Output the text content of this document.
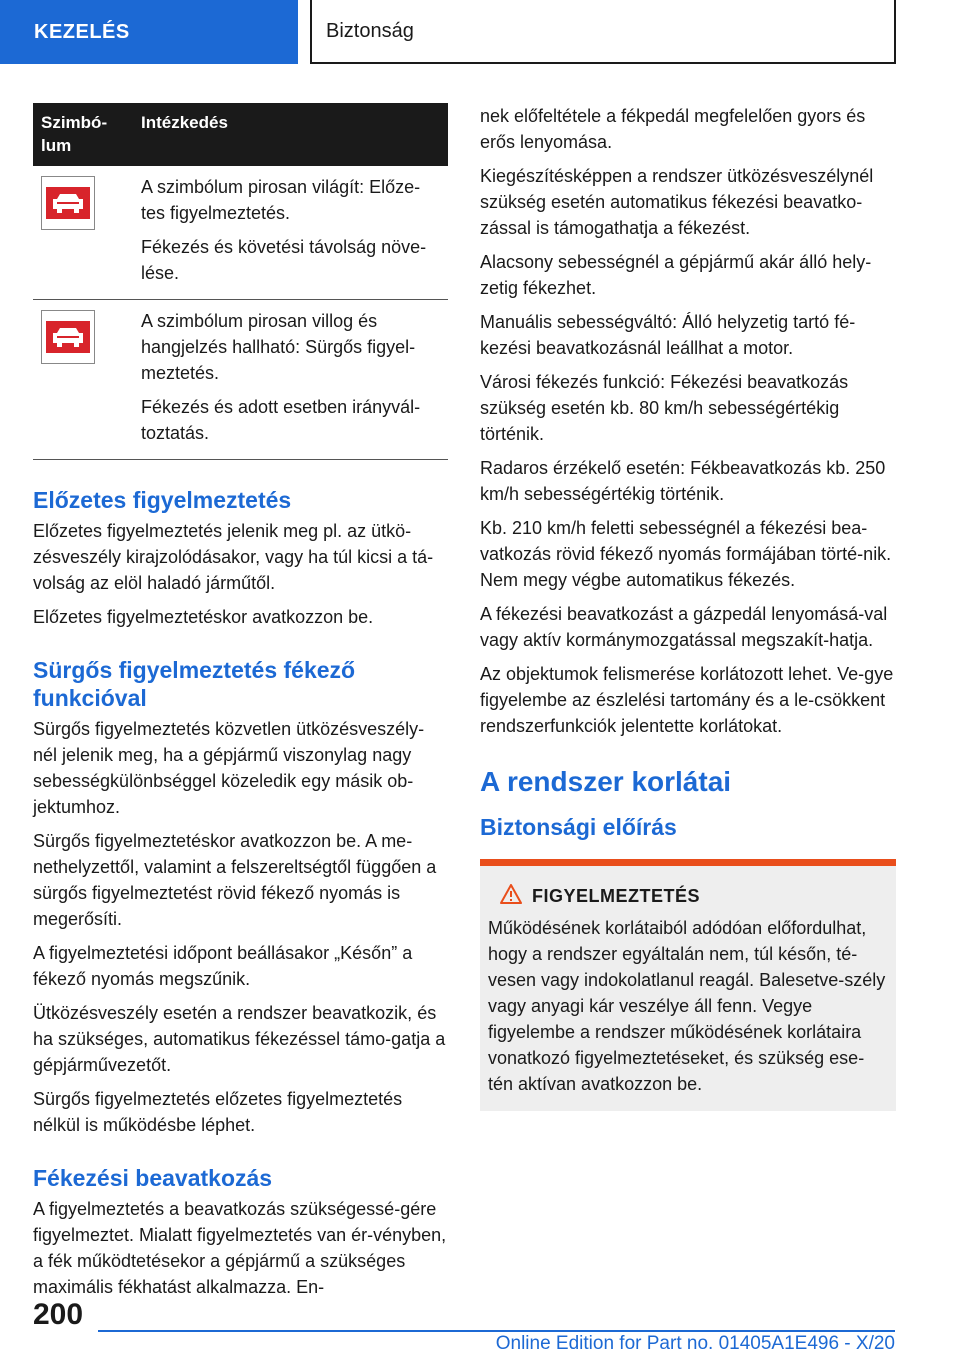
KEZELÉS	Biztonság
Szimbó-
lum	Intézkedés

A szimbólum pirosan világít: Előze-tes figyelmeztetés.

Fékezés és követési távolság növe-lése.

A szimbólum pirosan villog és hangjelzés hallható: Sürgős figyel-meztetés.

Fékezés és adott esetben irányvál-toztatás.

Előzetes figyelmeztetés

Előzetes figyelmeztetés jelenik meg pl. az ütkö-zésveszély kirajzolódásakor, vagy ha túl kicsi a tá-volság az elöl haladó járműtől.

Előzetes figyelmeztetéskor avatkozzon be.

Sürgős figyelmeztetés fékező funkcióval

Sürgős figyelmeztetés közvetlen ütközésveszély-nél jelenik meg, ha a gépjármű viszonylag nagy sebességkülönbséggel közeledik egy másik ob-jektumhoz.

Sürgős figyelmeztetéskor avatkozzon be. A me-nethelyzettől, valamint a felszereltségtől függően a sürgős figyelmeztetést rövid fékező nyomás is megerősíti.

A figyelmeztetési időpont beállásakor „Későn” a fékező nyomás megszűnik.

Ütközésveszély esetén a rendszer beavatkozik, és ha szükséges, automatikus fékezéssel támo-gatja a gépjárművezetőt.

Sürgős figyelmeztetés előzetes figyelmeztetés nélkül is működésbe léphet.

Fékezési beavatkozás

A figyelmeztetés a beavatkozás szükségessé-gére figyelmeztet. Mialatt figyelmeztetés van ér-vényben, a fék működtetésekor a gépjármű a szükséges maximális fékhatást alkalmazza. En-

nek előfeltétele a fékpedál megfelelően gyors és erős lenyomása.

Kiegészítésképpen a rendszer ütközésveszélynél szükség esetén automatikus fékezési beavatko-zással is támogathatja a fékezést.

Alacsony sebességnél a gépjármű akár álló hely-zetig fékezhet.

Manuális sebességváltó: Álló helyzetig tartó fé-kezési beavatkozásnál leállhat a motor.

Városi fékezés funkció: Fékezési beavatkozás szükség esetén kb. 80 km/h sebességértékig történik.

Radaros érzékelő esetén: Fékbeavatkozás kb. 250 km/h sebességértékig történik.

Kb. 210 km/h feletti sebességnél a fékezési bea-vatkozás rövid fékező nyomás formájában törté-nik. Nem megy végbe automatikus fékezés.

A fékezési beavatkozást a gázpedál lenyomásá-val vagy aktív kormánymozgatással megszakít-hatja.

Az objektumok felismerése korlátozott lehet. Ve-gye figyelembe az észlelési tartomány és a le-csökkent rendszerfunkciók jelentette korlátokat.

A rendszer korlátai
Biztonsági előírás
FIGYELMEZTETÉS

Működésének korlátaiból adódóan előfordulhat, hogy a rendszer egyáltalán nem, túl későn, té-vesen vagy indokolatlanul reagál. Balesetve-szély vagy anyagi kár veszélye áll fenn. Vegye figyelembe a rendszer működésének korlátaira vonatkozó figyelmeztetéseket, és szükség ese-tén aktívan avatkozzon be.

200
Online Edition for Part no. 01405A1E496 - X/20
